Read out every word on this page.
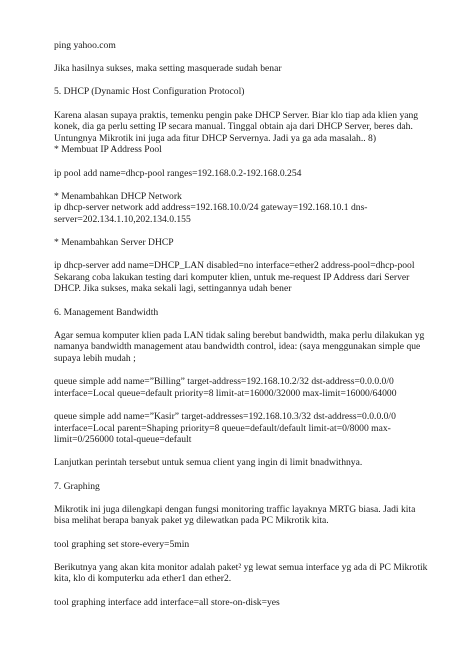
ping yahoo.com
Jika hasilnya sukses, maka setting masquerade sudah benar
5. DHCP (Dynamic Host Configuration Protocol)
Karena alasan supaya praktis, temenku pengin pake DHCP Server. Biar klo tiap ada klien yang
konek, dia ga perlu setting IP secara manual. Tinggal obtain aja dari DHCP Server, beres dah.
Untungnya Mikrotik ini juga ada fitur DHCP Servernya. Jadi ya ga ada masalah.. 8)
* Membuat IP Address Pool
ip pool add name=dhcp-pool ranges=192.168.0.2-192.168.0.254
* Menambahkan DHCP Network
ip dhcp-server network add address=192.168.10.0/24 gateway=192.168.10.1 dns-
server=202.134.1.10,202.134.0.155
* Menambahkan Server DHCP
ip dhcp-server add name=DHCP_LAN disabled=no interface=ether2 address-pool=dhcp-pool
Sekarang coba lakukan testing dari komputer klien, untuk me-request IP Address dari Server
DHCP. Jika sukses, maka sekali lagi, settingannya udah bener
6. Management Bandwidth
Agar semua komputer klien pada LAN tidak saling berebut bandwidth, maka perlu dilakukan yg
namanya bandwidth management atau bandwidth control, idea: (saya menggunakan simple que
supaya lebih mudah ;
queue simple add name=”Billing” target-address=192.168.10.2/32 dst-address=0.0.0.0/0
interface=Local queue=default priority=8 limit-at=16000/32000 max-limit=16000/64000
queue simple add name=”Kasir” target-addresses=192.168.10.3/32 dst-address=0.0.0.0/0
interface=Local parent=Shaping priority=8 queue=default/default limit-at=0/8000 max-
limit=0/256000 total-queue=default
Lanjutkan perintah tersebut untuk semua client yang ingin di limit bnadwithnya.
7. Graphing
Mikrotik ini juga dilengkapi dengan fungsi monitoring traffic layaknya MRTG biasa. Jadi kita
bisa melihat berapa banyak paket yg dilewatkan pada PC Mikrotik kita.
tool graphing set store-every=5min
Berikutnya yang akan kita monitor adalah paket² yg lewat semua interface yg ada di PC Mikrotik
kita, klo di komputerku ada ether1 dan ether2.
tool graphing interface add interface=all store-on-disk=yes
